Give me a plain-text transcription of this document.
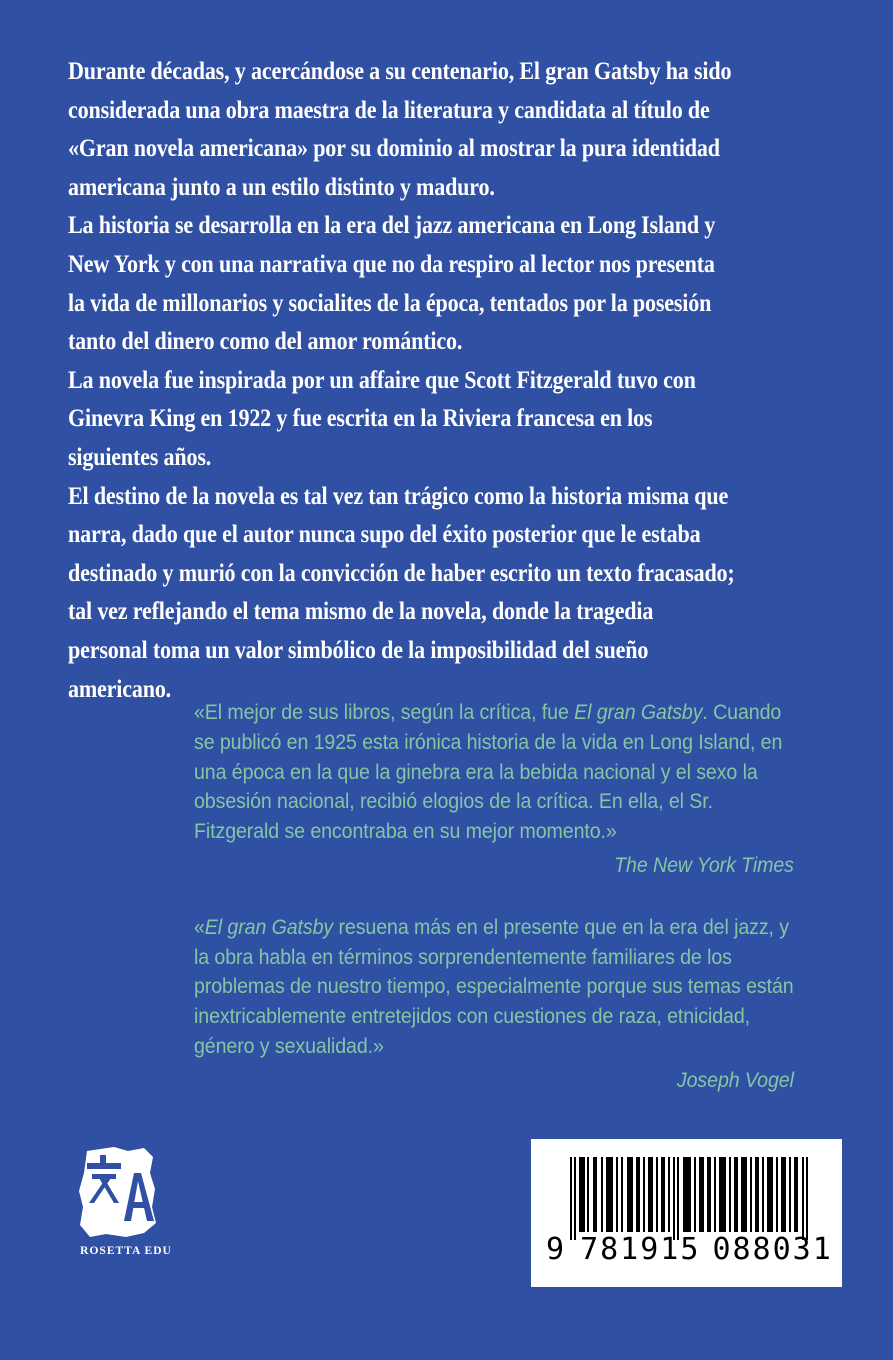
Durante décadas, y acercándose a su centenario, El gran Gatsby ha sido considerada una obra maestra de la literatura y candidata al título de «Gran novela americana» por su dominio al mostrar la pura identidad americana junto a un estilo distinto y maduro.

La historia se desarrolla en la era del jazz americana en Long Island y New York y con una narrativa que no da respiro al lector nos presenta la vida de millonarios y socialites de la época, tentados por la posesión tanto del dinero como del amor romántico.

La novela fue inspirada por un affaire que Scott Fitzgerald tuvo con Ginevra King en 1922 y fue escrita en la Riviera francesa en los siguientes años.

El destino de la novela es tal vez tan trágico como la historia misma que narra, dado que el autor nunca supo del éxito posterior que le estaba destinado y murió con la convicción de haber escrito un texto fracasado; tal vez reflejando el tema mismo de la novela, donde la tragedia personal toma un valor simbólico de la imposibilidad del sueño americano.

«El mejor de sus libros, según la crítica, fue El gran Gatsby. Cuando se publicó en 1925 esta irónica historia de la vida en Long Island, en una época en la que la ginebra era la bebida nacional y el sexo la obsesión nacional, recibió elogios de la crítica. En ella, el Sr. Fitzgerald se encontraba en su mejor momento.»

The New York Times

«El gran Gatsby resuena más en el presente que en la era del jazz, y la obra habla en términos sorprendentemente familiares de los problemas de nuestro tiempo, especialmente porque sus temas están inextricablemente entretejidos con cuestiones de raza, etnicidad, género y sexualidad.»

Joseph Vogel

ROSETTA EDU	9 781915 088031
